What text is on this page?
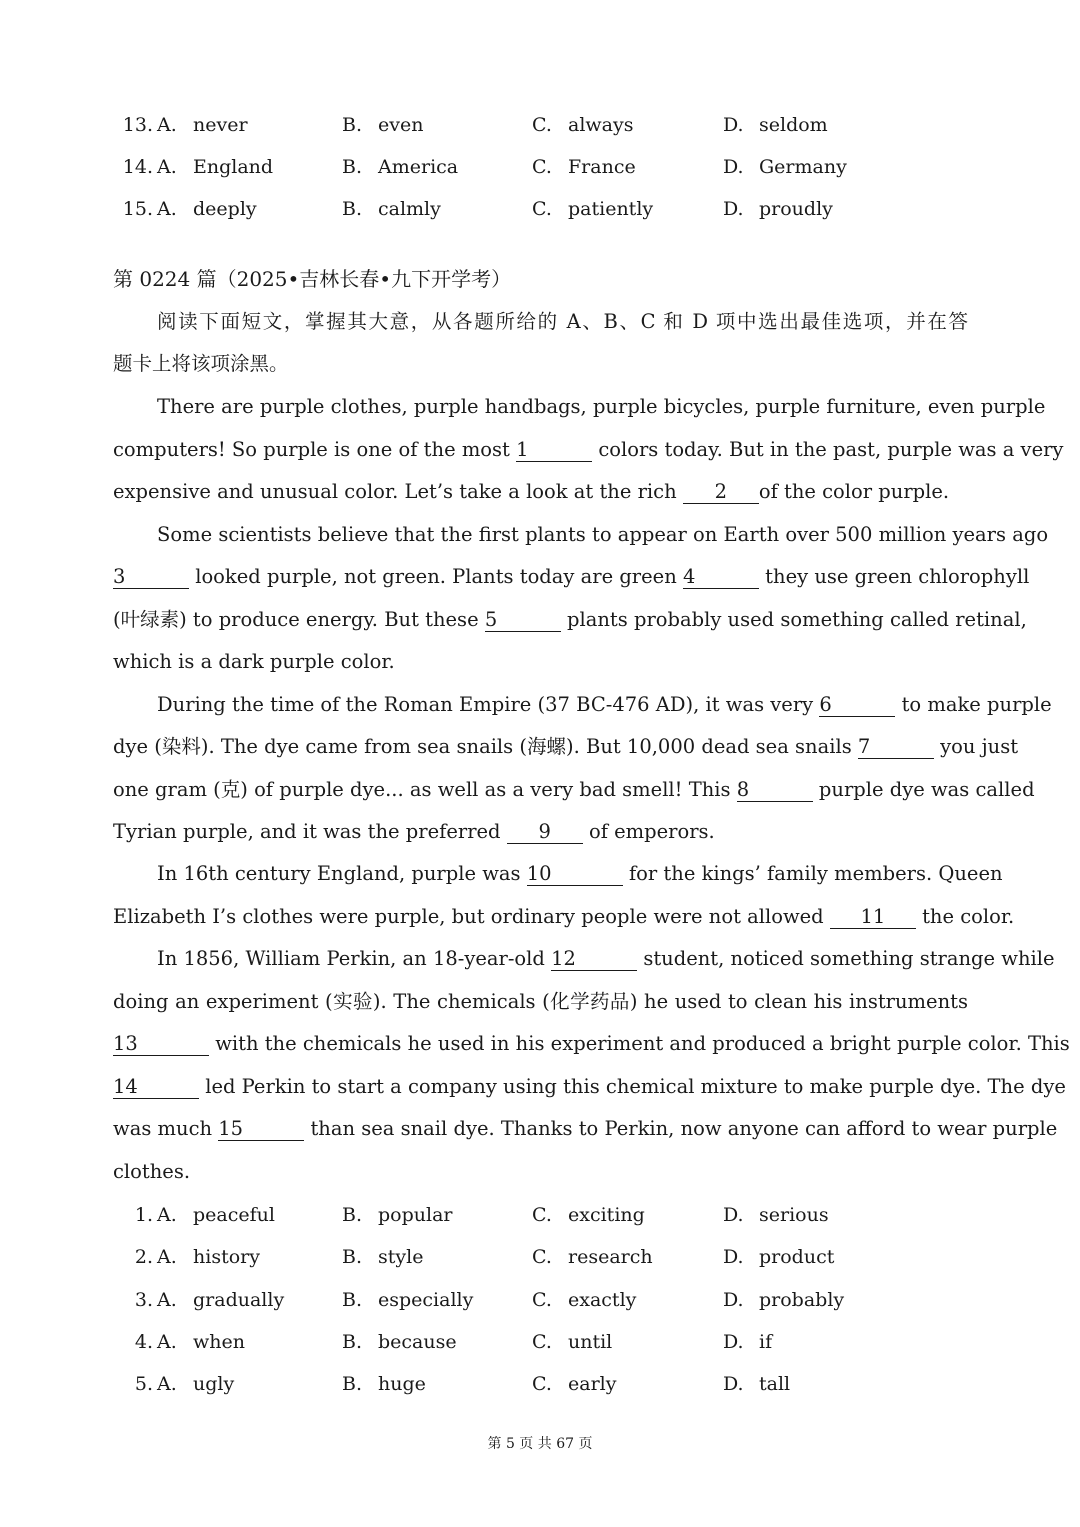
13. A. never	B. even	C. always	D. seldom
14. A. England	B. America	C. France	D. Germany
15. A. deeply	B. calmly	C. patiently	D. proudly
第 0224 篇（2025•吉林长春•九下开学考）
阅读下面短文，掌握其大意，从各题所给的 A、B、C 和 D 项中选出最佳选项，并在答
题卡上将该项涂黑。
There are purple clothes, purple handbags, purple bicycles, purple furniture, even purple
computers! So purple is one of the most 1	colors today. But in the past, purple was a very
expensive and unusual color. Let’s take a look at the rich 2 of the color purple.
Some scientists believe that the first plants to appear on Earth over 500 million years ago
3	looked purple, not green. Plants today are green 4	they use green chlorophyll
(叶绿素) to produce energy. But these 5	plants probably used something called retinal,
which is a dark purple color.
During the time of the Roman Empire (37 BC-476 AD), it was very 6	to make purple
dye (染料). The dye came from sea snails (海螺). But 10,000 dead sea snails 7	you just
one gram (克) of purple dye... as well as a very bad smell! This 8	purple dye was called
Tyrian purple, and it was the preferred 9 of emperors.
In 16th century England, purple was 10	for the kings’ family members. Queen
Elizabeth I’s clothes were purple, but ordinary people were not allowed 11 the color.
In 1856, William Perkin, an 18-year-old 12	student, noticed something strange while
doing an experiment (实验). The chemicals (化学药品) he used to clean his instruments
13	with the chemicals he used in his experiment and produced a bright purple color. This
14	led Perkin to start a company using this chemical mixture to make purple dye. The dye
was much 15	than sea snail dye. Thanks to Perkin, now anyone can afford to wear purple
clothes.
1. A. peaceful	B. popular	C. exciting	D. serious
2. A. history	B. style	C. research	D. product
3. A. gradually	B. especially	C. exactly	D. probably
4. A. when	B. because	C. until	D. if
5. A. ugly	B. huge	C. early	D. tall
第 5 页 共 67 页
